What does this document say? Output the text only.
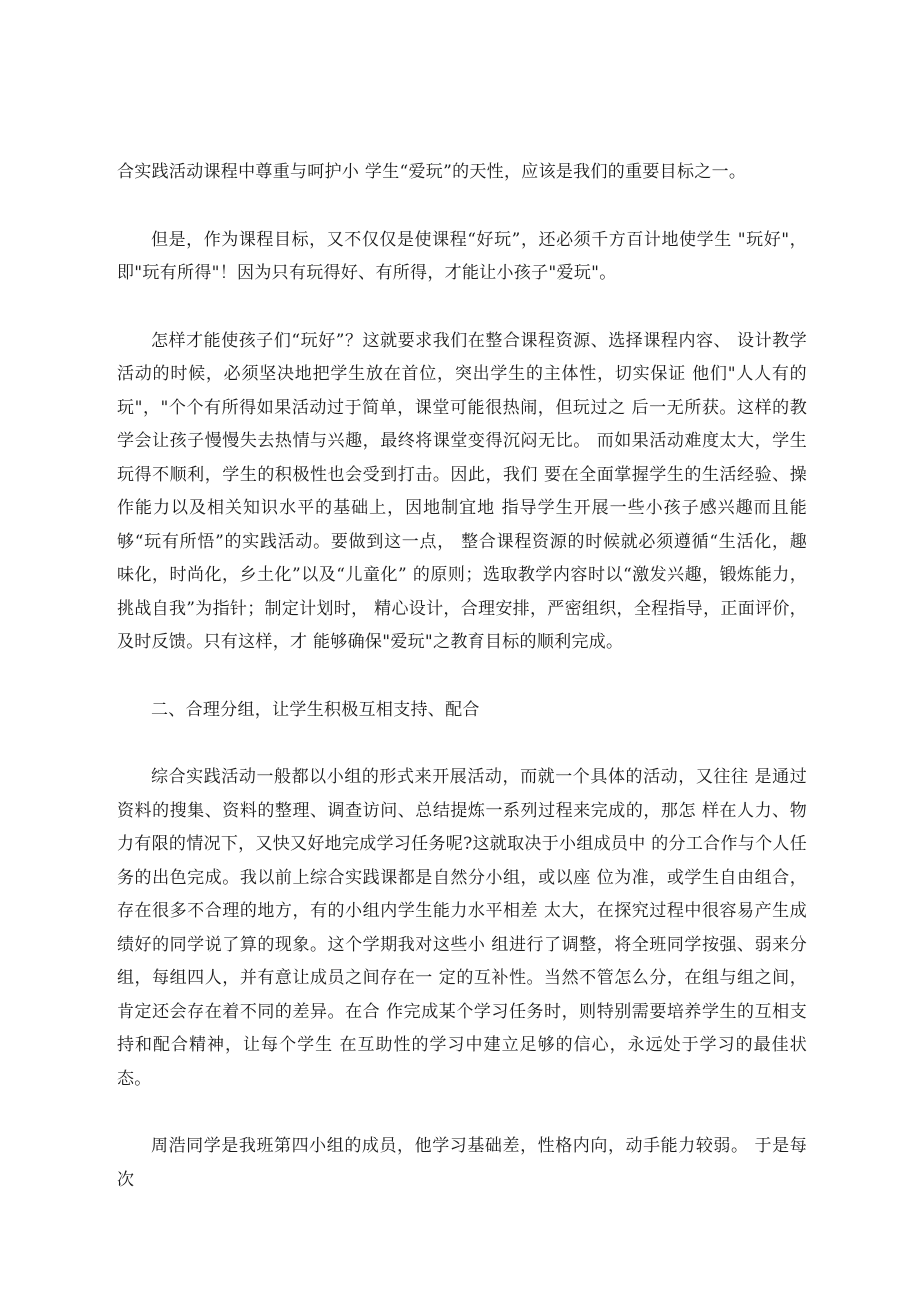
合实践活动课程中尊重与呵护小 学生“爱玩”的天性，应该是我们的重要目标之一。

但是，作为课程目标，又不仅仅是使课程“好玩”，还必须千方百计地使学生 "玩好"，即"玩有所得"！因为只有玩得好、有所得，才能让小孩子"爱玩"。

怎样才能使孩子们“玩好”？这就要求我们在整合课程资源、选择课程内容、 设计教学活动的时候，必须坚决地把学生放在首位，突出学生的主体性，切实保证 他们"人人有的玩"，"个个有所得如果活动过于简单，课堂可能很热闹，但玩过之 后一无所获。这样的教学会让孩子慢慢失去热情与兴趣，最终将课堂变得沉闷无比。 而如果活动难度太大，学生玩得不顺利，学生的积极性也会受到打击。因此，我们 要在全面掌握学生的生活经验、操作能力以及相关知识水平的基础上，因地制宜地 指导学生开展一些小孩子感兴趣而且能够“玩有所悟”的实践活动。要做到这一点， 整合课程资源的时候就必须遵循“生活化，趣味化，时尚化，乡土化”以及“儿童化” 的原则；选取教学内容时以“激发兴趣，锻炼能力，挑战自我”为指针；制定计划时， 精心设计，合理安排，严密组织，全程指导，正面评价，及时反馈。只有这样，才 能够确保"爱玩"之教育目标的顺利完成。

二、合理分组，让学生积极互相支持、配合

综合实践活动一般都以小组的形式来开展活动，而就一个具体的活动，又往往 是通过资料的搜集、资料的整理、调查访问、总结提炼一系列过程来完成的，那怎 样在人力、物力有限的情况下，又快又好地完成学习任务呢?这就取决于小组成员中 的分工合作与个人任务的出色完成。我以前上综合实践课都是自然分小组，或以座 位为准，或学生自由组合，存在很多不合理的地方，有的小组内学生能力水平相差 太大，在探究过程中很容易产生成绩好的同学说了算的现象。这个学期我对这些小 组进行了调整，将全班同学按强、弱来分组，每组四人，并有意让成员之间存在一 定的互补性。当然不管怎么分，在组与组之间，肯定还会存在着不同的差异。在合 作完成某个学习任务时，则特别需要培养学生的互相支持和配合精神，让每个学生 在互助性的学习中建立足够的信心，永远处于学习的最佳状态。

周浩同学是我班第四小组的成员，他学习基础差，性格内向，动手能力较弱。 于是每次
